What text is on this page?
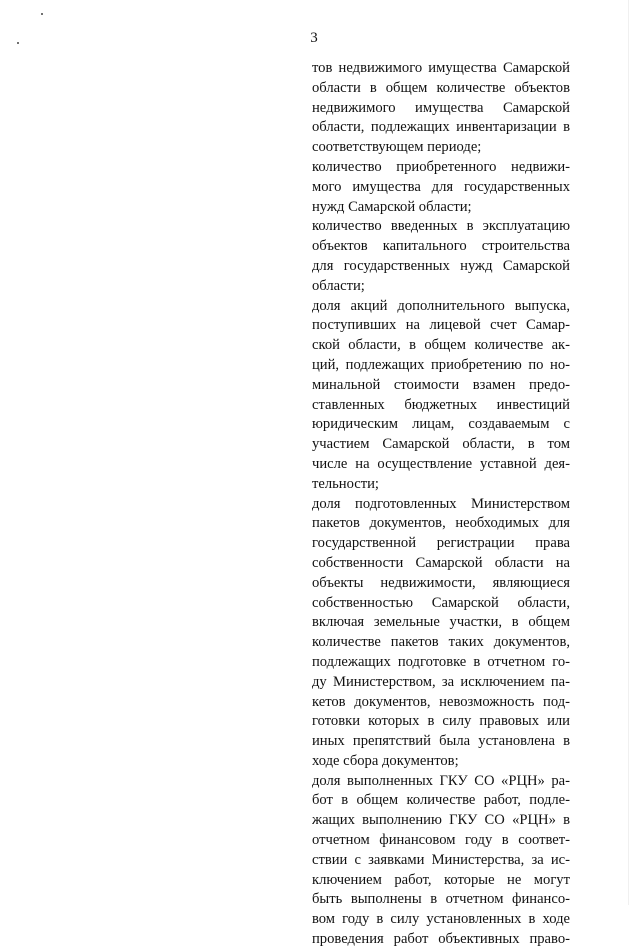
3
тов недвижимого имущества Самарской
области в общем количестве объектов
недвижимого имущества Самарской
области, подлежащих инвентаризации в
соответствующем периоде;
количество приобретенного недвижи-
мого имущества для государственных
нужд Самарской области;
количество введенных в эксплуатацию
объектов капитального строительства
для государственных нужд Самарской
области;
доля акций дополнительного выпуска,
поступивших на лицевой счет Самар-
ской области, в общем количестве ак-
ций, подлежащих приобретению по но-
минальной стоимости взамен предо-
ставленных бюджетных инвестиций
юридическим лицам, создаваемым с
участием Самарской области, в том
числе на осуществление уставной дея-
тельности;
доля подготовленных Министерством
пакетов документов, необходимых для
государственной регистрации права
собственности Самарской области на
объекты недвижимости, являющиеся
собственностью Самарской области,
включая земельные участки, в общем
количестве пакетов таких документов,
подлежащих подготовке в отчетном го-
ду Министерством, за исключением па-
кетов документов, невозможность под-
готовки которых в силу правовых или
иных препятствий была установлена в
ходе сбора документов;
доля выполненных ГКУ СО «РЦН» ра-
бот в общем количестве работ, подле-
жащих выполнению ГКУ СО «РЦН» в
отчетном финансовом году в соответ-
ствии с заявками Министерства, за ис-
ключением работ, которые не могут
быть выполнены в отчетном финансо-
вом году в силу установленных в ходе
проведения работ объективных право-
